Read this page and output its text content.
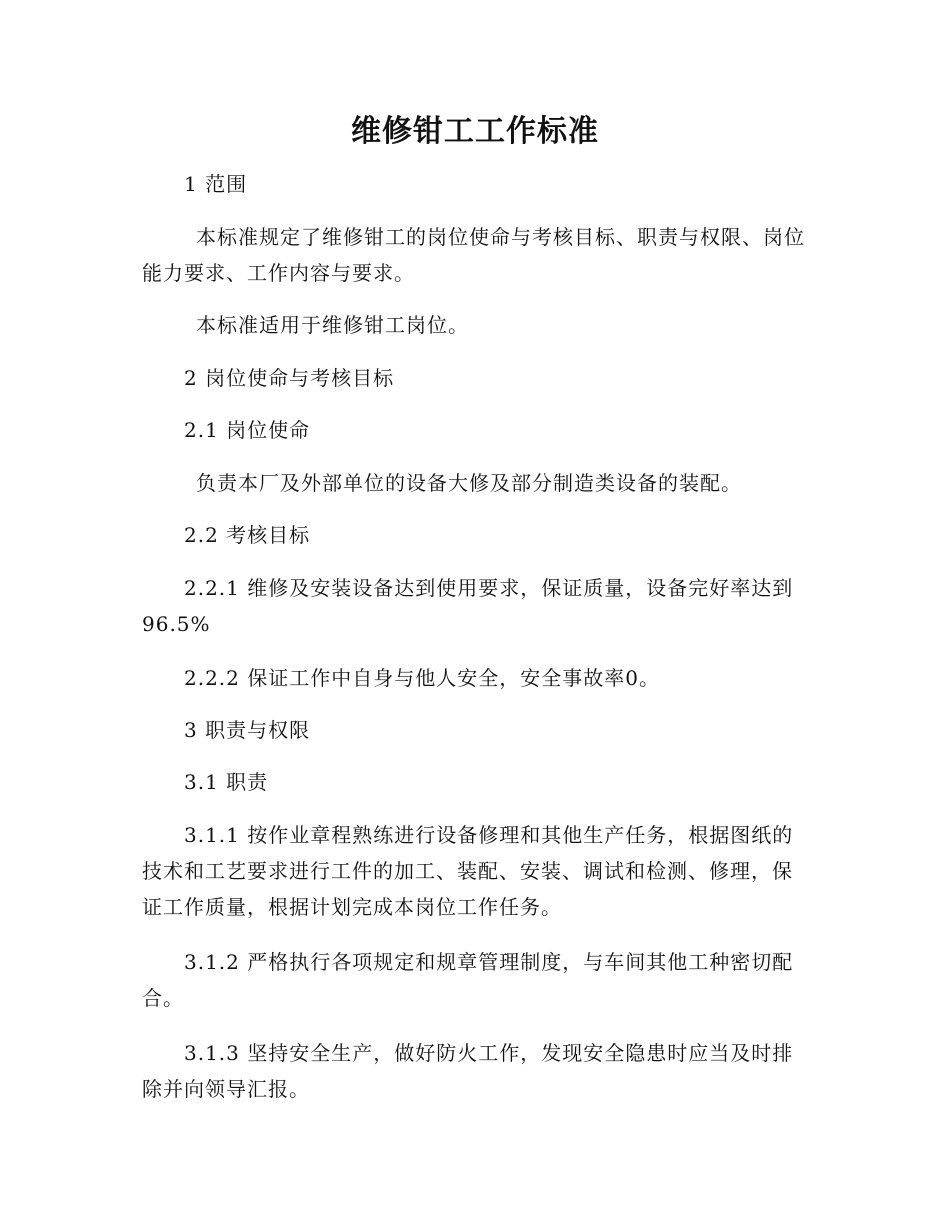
维修钳工工作标准

1 范围

本标准规定了维修钳工的岗位使命与考核目标、职责与权限、岗位能力要求、工作内容与要求。

本标准适用于维修钳工岗位。

2 岗位使命与考核目标

2.1 岗位使命

负责本厂及外部单位的设备大修及部分制造类设备的装配。

2.2 考核目标

2.2.1 维修及安装设备达到使用要求，保证质量，设备完好率达到96.5%

2.2.2 保证工作中自身与他人安全，安全事故率0。

3 职责与权限

3.1 职责

3.1.1 按作业章程熟练进行设备修理和其他生产任务，根据图纸的技术和工艺要求进行工件的加工、装配、安装、调试和检测、修理，保证工作质量，根据计划完成本岗位工作任务。

3.1.2 严格执行各项规定和规章管理制度，与车间其他工种密切配合。

3.1.3 坚持安全生产，做好防火工作，发现安全隐患时应当及时排除并向领导汇报。
